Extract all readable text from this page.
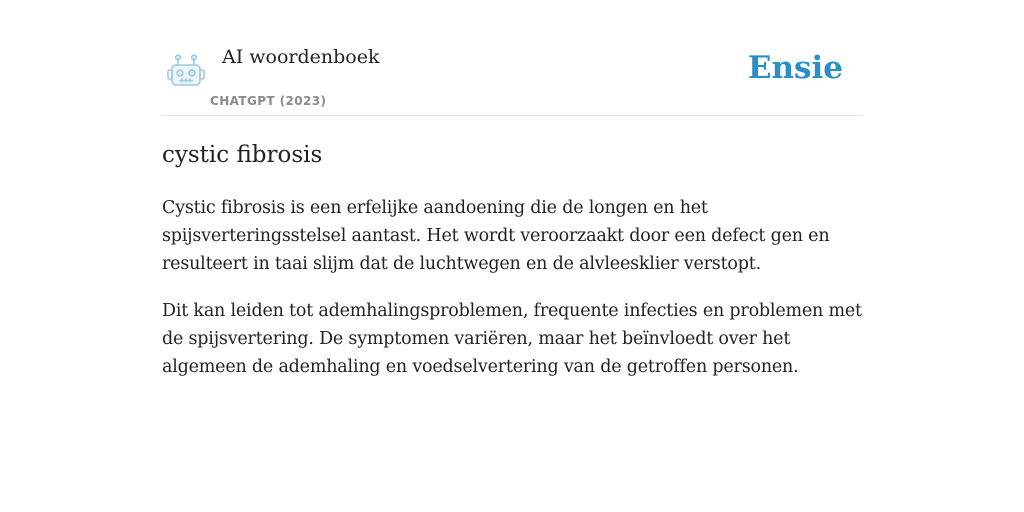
AI woordenboek
CHATGPT (2023)
Ensie
cystic fibrosis

Cystic fibrosis is een erfelijke aandoening die de longen en het spijsverteringsstelsel aantast. Het wordt veroorzaakt door een defect gen en resulteert in taai slijm dat de luchtwegen en de alvleesklier verstopt.

Dit kan leiden tot ademhalingsproblemen, frequente infecties en problemen met de spijsvertering. De symptomen variëren, maar het beïnvloedt over het algemeen de ademhaling en voedselvertering van de getroffen personen.
